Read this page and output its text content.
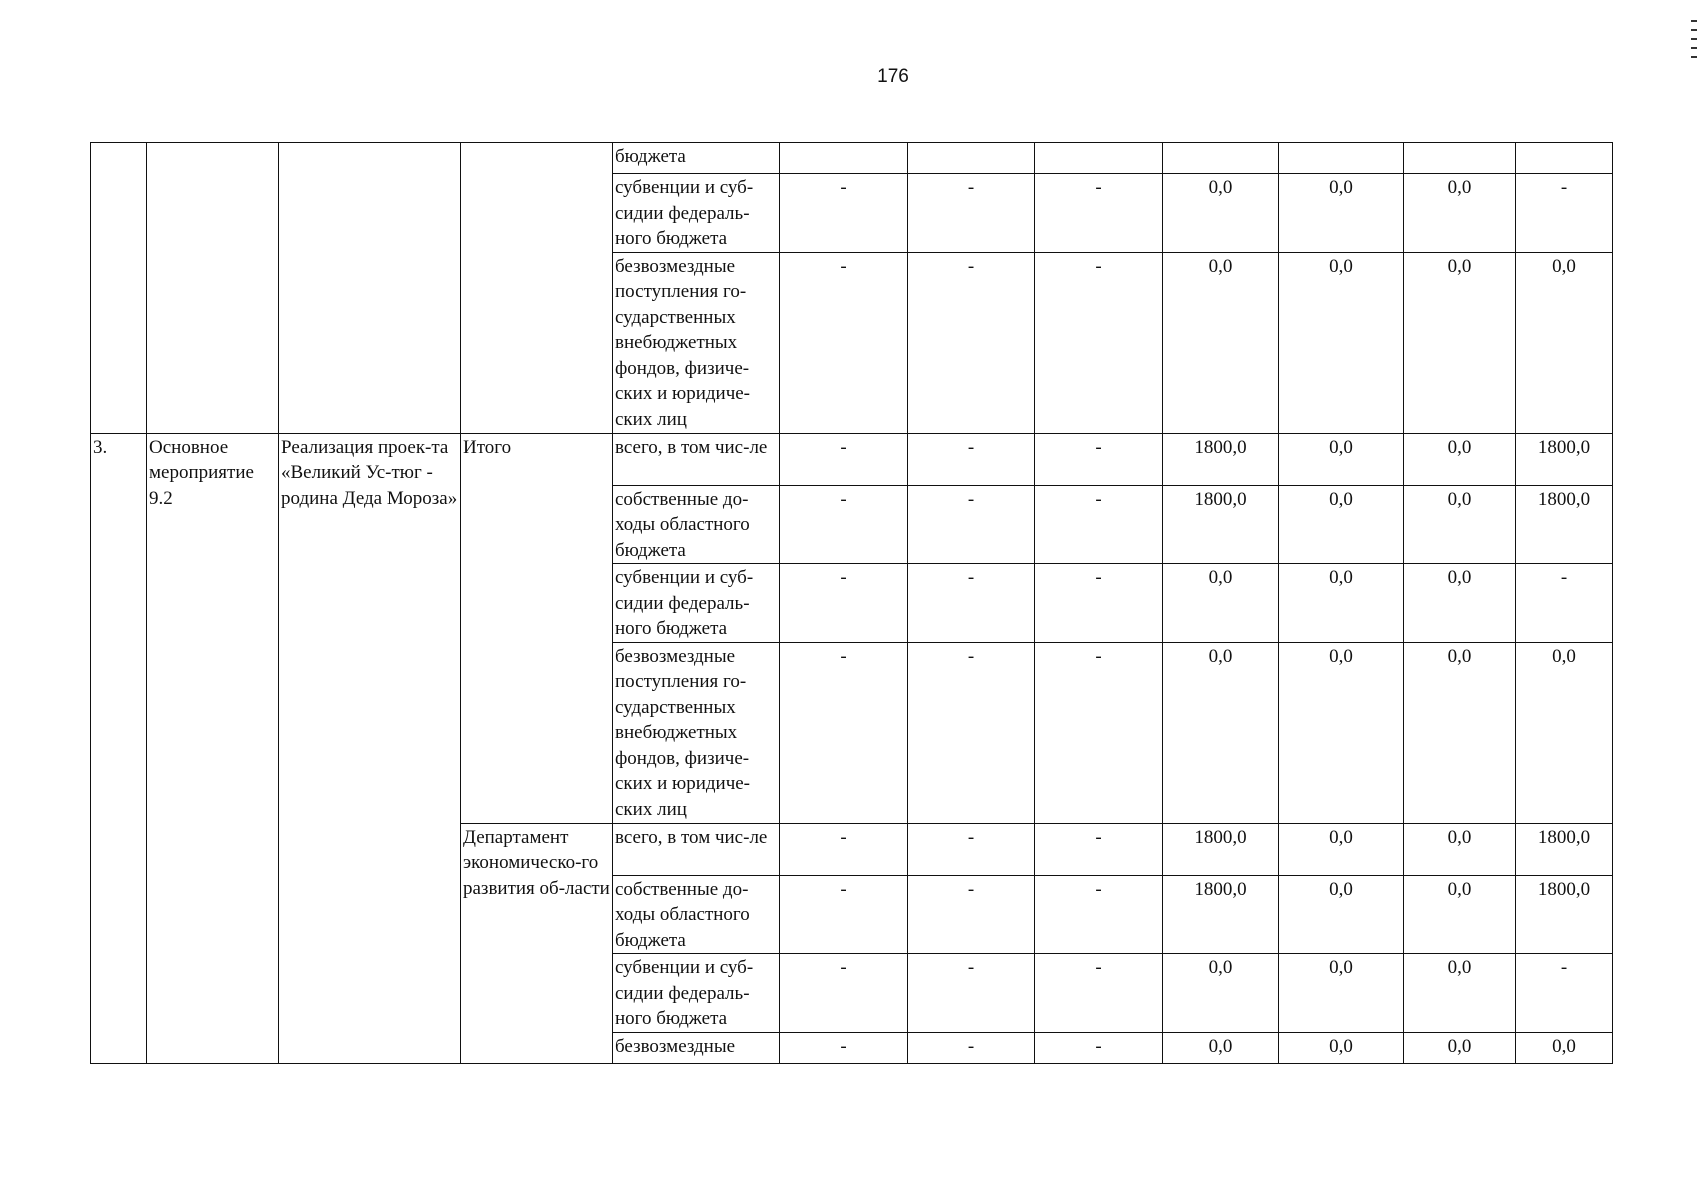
176
				бюджета							
				субвенции и суб-сидии федераль-ного бюджета	-	-	-	0,0	0,0	0,0	-
				безвозмездные поступления го-сударственных внебюджетных фондов, физиче-ских и юридиче-ских лиц	-	-	-	0,0	0,0	0,0	0,0
3.	Основное мероприятие 9.2	Реализация проек-та «Великий Ус-тюг - родина Деда Мороза»	Итого	всего, в том чис-ле	-	-	-	1800,0	0,0	0,0	1800,0
				собственные до-ходы областного бюджета	-	-	-	1800,0	0,0	0,0	1800,0
				субвенции и суб-сидии федераль-ного бюджета	-	-	-	0,0	0,0	0,0	-
				безвозмездные поступления го-сударственных внебюджетных фондов, физиче-ских и юридиче-ских лиц	-	-	-	0,0	0,0	0,0	0,0
			Департамент экономическо-го развития об-ласти	всего, в том чис-ле	-	-	-	1800,0	0,0	0,0	1800,0
				собственные до-ходы областного бюджета	-	-	-	1800,0	0,0	0,0	1800,0
				субвенции и суб-сидии федераль-ного бюджета	-	-	-	0,0	0,0	0,0	-
				безвозмездные	-	-	-	0,0	0,0	0,0	0,0
